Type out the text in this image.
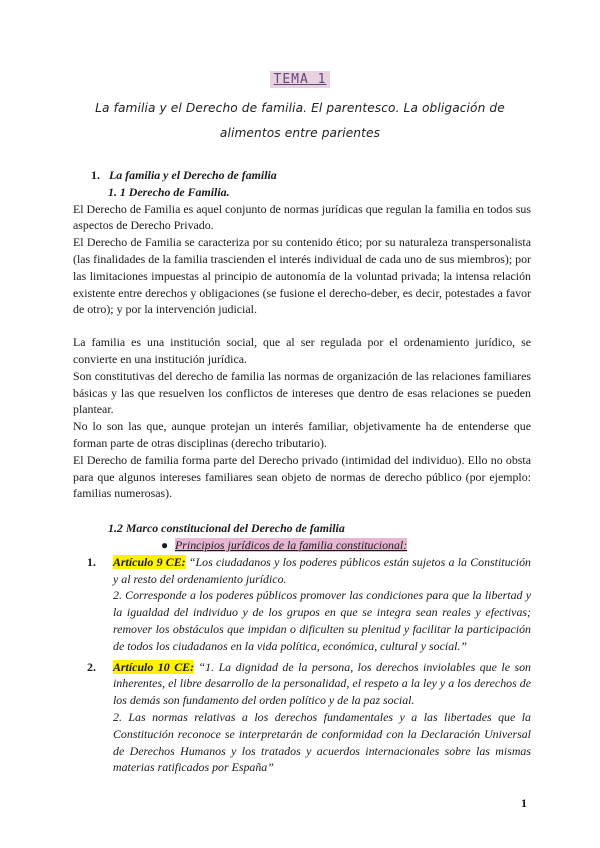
TEMA 1
La familia y el Derecho de familia. El parentesco. La obligación de alimentos entre parientes
1. La familia y el Derecho de familia
1. 1 Derecho de Familia.

El Derecho de Familia es aquel conjunto de normas jurídicas que regulan la familia en todos sus aspectos de Derecho Privado.

El Derecho de Familia se caracteriza por su contenido ético; por su naturaleza transpersonalista (las finalidades de la familia trascienden el interés individual de cada uno de sus miembros); por las limitaciones impuestas al principio de autonomía de la voluntad privada; la intensa relación existente entre derechos y obligaciones (se fusione el derecho-deber, es decir, potestades a favor de otro); y por la intervención judicial.

La familia es una institución social, que al ser regulada por el ordenamiento jurídico, se convierte en una institución jurídica.

Son constitutivas del derecho de familia las normas de organización de las relaciones familiares básicas y las que resuelven los conflictos de intereses que dentro de esas relaciones se pueden plantear.

No lo son las que, aunque protejan un interés familiar, objetivamente ha de entenderse que forman parte de otras disciplinas (derecho tributario).

El Derecho de familia forma parte del Derecho privado (intimidad del individuo). Ello no obsta para que algunos intereses familiares sean objeto de normas de derecho público (por ejemplo: familias numerosas).

1.2 Marco constitucional del Derecho de familia
● Principios jurídicos de la familia constitucional:
1. Artículo 9 CE: “Los ciudadanos y los poderes públicos están sujetos a la Constitución y al resto del ordenamiento jurídico.

2. Corresponde a los poderes públicos promover las condiciones para que la libertad y la igualdad del individuo y de los grupos en que se integra sean reales y efectivas; remover los obstáculos que impidan o dificulten su plenitud y facilitar la participación de todos los ciudadanos en la vida política, económica, cultural y social.”

2. Artículo 10 CE: “1. La dignidad de la persona, los derechos inviolables que le son inherentes, el libre desarrollo de la personalidad, el respeto a la ley y a los derechos de los demás son fundamento del orden político y de la paz social.

2. Las normas relativas a los derechos fundamentales y a las libertades que la Constitución reconoce se interpretarán de conformidad con la Declaración Universal de Derechos Humanos y los tratados y acuerdos internacionales sobre las mismas materias ratificados por España”

1
